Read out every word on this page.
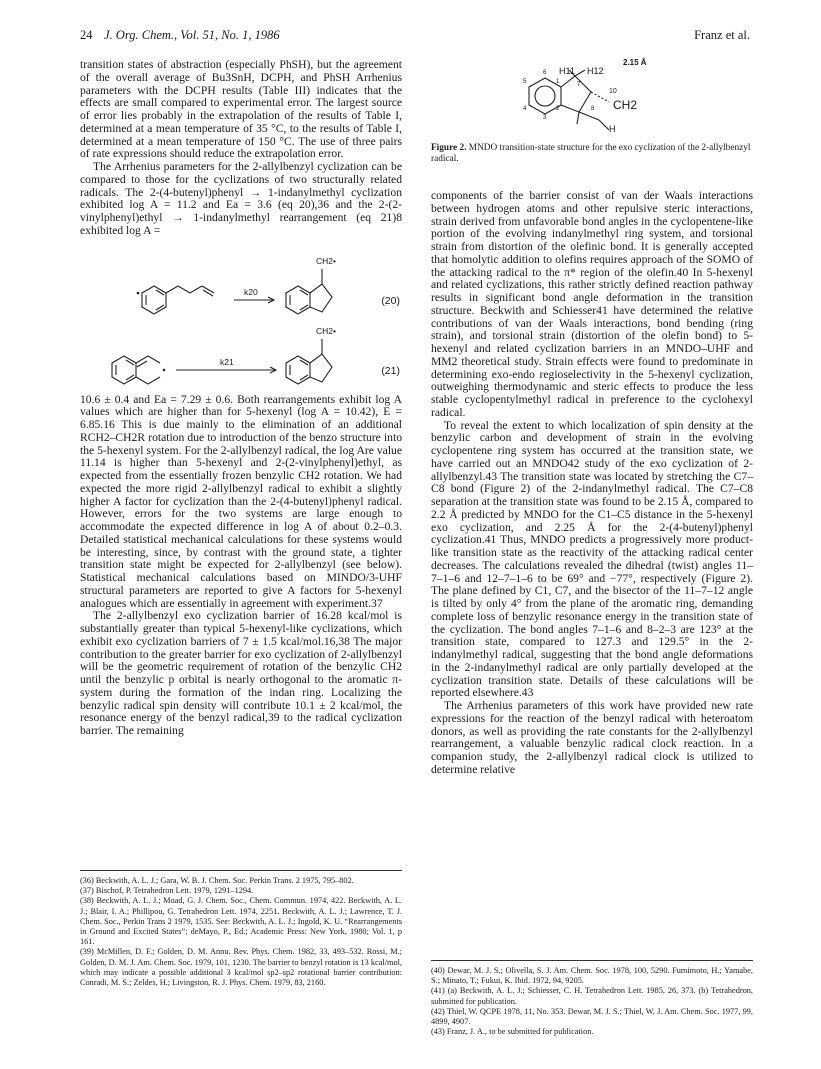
24 J. Org. Chem., Vol. 51, No. 1, 1986	Franz et al.

transition states of abstraction (especially PhSH), but the agreement of the overall average of Bu3SnH, DCPH, and PhSH Arrhenius parameters with the DCPH results (Table III) indicates that the effects are small compared to experimental error. The largest source of error lies probably in the extrapolation of the results of Table I, determined at a mean temperature of 35 °C, to the results of Table I, determined at a mean temperature of 150 °C. The use of three pairs of rate expressions should reduce the extrapolation error.

The Arrhenius parameters for the 2-allylbenzyl cyclization can be compared to those for the cyclizations of two structurally related radicals. The 2-(4-butenyl)phenyl → 1-indanylmethyl cyclization exhibited log A = 11.2 and Ea = 3.6 (eq 20),36 and the 2-(2-vinylphenyl)ethyl → 1-indanylmethyl rearrangement (eq 21)8 exhibited log A =

CH2•
k20
(20)
CH2•
k21
(21)

10.6 ± 0.4 and Ea = 7.29 ± 0.6. Both rearrangements exhibit log A values which are higher than for 5-hexenyl (log A = 10.42), E = 6.85.16 This is due mainly to the elimination of an additional RCH2–CH2R rotation due to introduction of the benzo structure into the 5-hexenyl system. For the 2-allylbenzyl radical, the log Are value 11.14 is higher than 5-hexenyl and 2-(2-vinylphenyl)ethyl, as expected from the essentially frozen benzylic CH2 rotation. We had expected the more rigid 2-allylbenzyl radical to exhibit a slightly higher A factor for cyclization than the 2-(4-butenyl)phenyl radical. However, errors for the two systems are large enough to accommodate the expected difference in log A of about 0.2–0.3. Detailed statistical mechanical calculations for these systems would be interesting, since, by contrast with the ground state, a tighter transition state might be expected for 2-allylbenzyl (see below). Statistical mechanical calculations based on MINDO/3-UHF structural parameters are reported to give A factors for 5-hexenyl analogues which are essentially in agreement with experiment.37

The 2-allylbenzyl exo cyclization barrier of 16.28 kcal/mol is substantially greater than typical 5-hexenyl-like cyclizations, which exhibit exo cyclization barriers of 7 ± 1.5 kcal/mol.16,38 The major contribution to the greater barrier for exo cyclization of 2-allylbenzyl will be the geometric requirement of rotation of the benzylic CH2 until the benzylic p orbital is nearly orthogonal to the aromatic π-system during the formation of the indan ring. Localizing the benzylic radical spin density will contribute 10.1 ± 2 kcal/mol, the resonance energy of the benzyl radical,39 to the radical cyclization barrier. The remaining

(36) Beckwith, A. L. J.; Gara, W. B. J. Chem. Soc. Perkin Trans. 2 1975, 795–802.
(37) Bischof, P. Tetrahedron Lett. 1979, 1291–1294.
(38) Beckwith, A. L. J.; Moad, G. J. Chem. Soc., Chem. Commun. 1974, 422. Beckwith, A. L. J.; Blair, I. A.; Phillipou, G. Tetrahedron Lett. 1974, 2251. Beckwith, A. L. J.; Lawrence, T. J. Chem. Soc., Perkin Trans 2 1979, 1535. See: Beckwith, A. L. J.; Ingold, K. U. “Rearrangements in Ground and Excited States”; deMayo, P., Ed.; Academic Press: New York, 1980; Vol. 1, p 161.
(39) McMillen, D. F.; Golden, D. M. Annu. Rev. Phys. Chem. 1982, 33, 493–532. Rossi, M.; Golden, D. M. J. Am. Chem. Soc. 1979, 101, 1230. The barrier to benzyl rotation is 13 kcal/mol, which may indicate a possible additional 3 kcal/mol sp2–sp2 rotational barrier contribution: Conradi, M. S.; Zeldes, H.; Livingston, R. J. Phys. Chem. 1979, 83, 2160.
2.15 Å
H11 H12
10
CH2
H
1
2
3
4
5
6
7
8
Figure 2. MNDO transition-state structure for the exo cyclization of the 2-allylbenzyl radical.

components of the barrier consist of van der Waals interactions between hydrogen atoms and other repulsive steric interactions, strain derived from unfavorable bond angles in the cyclopentene-like portion of the evolving indanylmethyl ring system, and torsional strain from distortion of the olefinic bond. It is generally accepted that homolytic addition to olefins requires approach of the SOMO of the attacking radical to the π* region of the olefin.40 In 5-hexenyl and related cyclizations, this rather strictly defined reaction pathway results in significant bond angle deformation in the transition structure. Beckwith and Schiesser41 have determined the relative contributions of van der Waals interactions, bond bending (ring strain), and torsional strain (distortion of the olefin bond) to 5-hexenyl and related cyclization barriers in an MNDO–UHF and MM2 theoretical study. Strain effects were found to predominate in determining exo-endo regioselectivity in the 5-hexenyl cyclization, outweighing thermodynamic and steric effects to produce the less stable cyclopentylmethyl radical in preference to the cyclohexyl radical.

To reveal the extent to which localization of spin density at the benzylic carbon and development of strain in the evolving cyclopentene ring system has occurred at the transition state, we have carried out an MNDO42 study of the exo cyclization of 2-allylbenzyl.43 The transition state was located by stretching the C7–C8 bond (Figure 2) of the 2-indanylmethyl radical. The C7–C8 separation at the transition state was found to be 2.15 Å, compared to 2.2 Å predicted by MNDO for the C1–C5 distance in the 5-hexenyl exo cyclization, and 2.25 Å for the 2-(4-butenyl)phenyl cyclization.41 Thus, MNDO predicts a progressively more product-like transition state as the reactivity of the attacking radical center decreases. The calculations revealed the dihedral (twist) angles 11–7–1–6 and 12–7–1–6 to be 69° and −77°, respectively (Figure 2). The plane defined by C1, C7, and the bisector of the 11–7–12 angle is tilted by only 4° from the plane of the aromatic ring, demanding complete loss of benzylic resonance energy in the transition state of the cyclization. The bond angles 7–1–6 and 8–2–3 are 123° at the transition state, compared to 127.3 and 129.5° in the 2-indanylmethyl radical, suggesting that the bond angle deformations in the 2-indanylmethyl radical are only partially developed at the cyclization transition state. Details of these calculations will be reported elsewhere.43

The Arrhenius parameters of this work have provided new rate expressions for the reaction of the benzyl radical with heteroatom donors, as well as providing the rate constants for the 2-allylbenzyl rearrangement, a valuable benzylic radical clock reaction. In a companion study, the 2-allylbenzyl radical clock is utilized to determine relative

(40) Dewar, M. J. S.; Olivella, S. J. Am. Chem. Soc. 1978, 100, 5290. Fumimoto, H.; Yamabe, S.; Minato, T.; Fukui, K. Ibid. 1972, 94, 9205.
(41) (a) Beckwith, A. L. J.; Schiesser, C. H. Tetrahedron Lett. 1985, 26, 373. (b) Tetrahedron, submitted for publication.
(42) Thiel, W. QCPE 1978, 11, No. 353. Dewar, M. J. S.; Thiel, W. J. Am. Chem. Soc. 1977, 99, 4899, 4907.
(43) Franz, J. A., to be submitted for publication.
